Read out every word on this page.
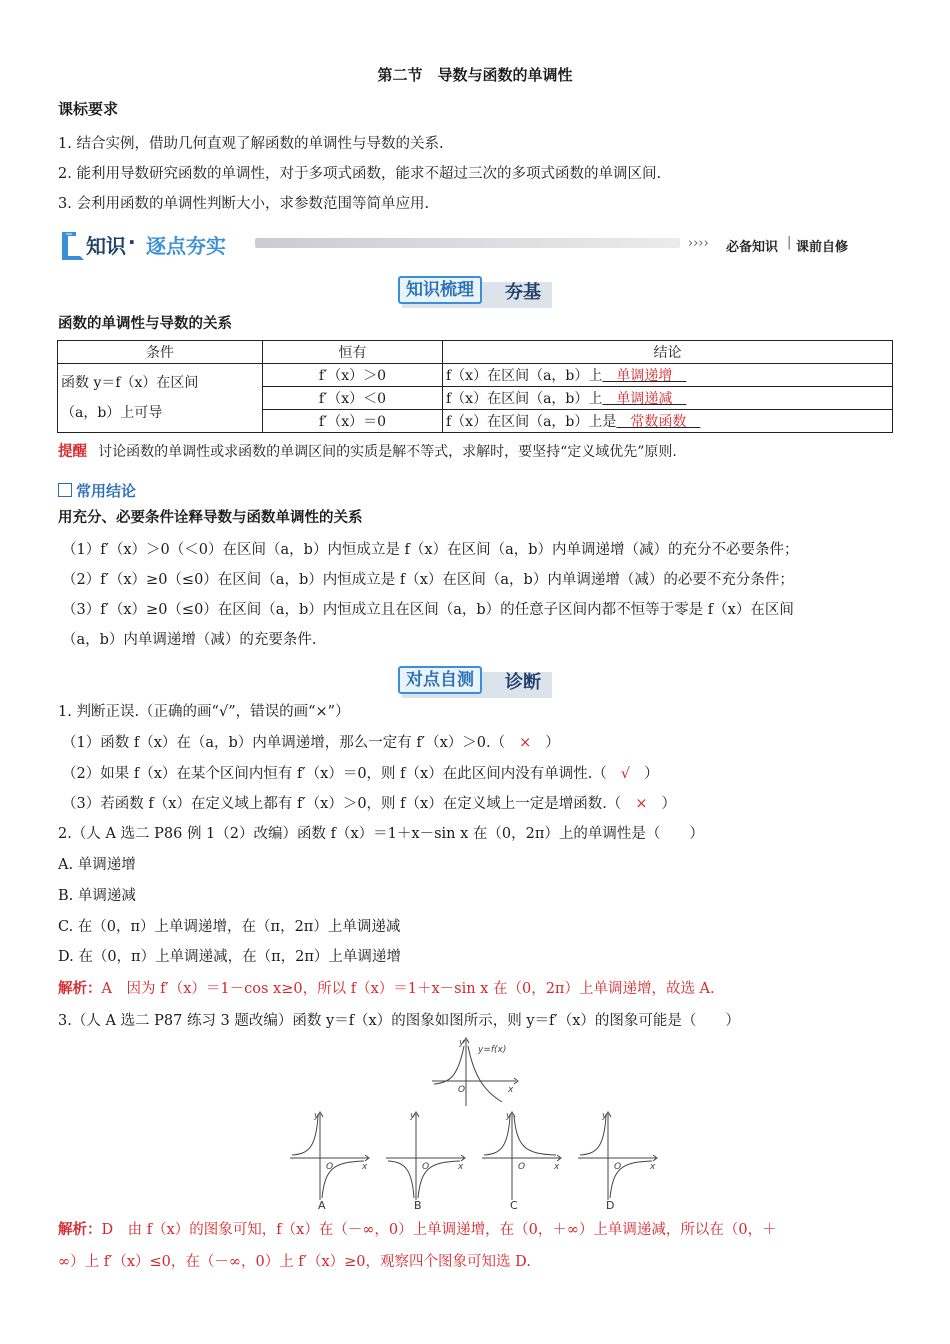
第二节　导数与函数的单调性
课标要求
1. 结合实例，借助几何直观了解函数的单调性与导数的关系.
2. 能利用导数研究函数的单调性，对于多项式函数，能求不超过三次的多项式函数的单调区间.
3. 会利用函数的单调性判断大小，求参数范围等简单应用.
知识 · 逐点夯实	›››› 必备知识 | 课前自修
知识梳理	夯基
函数的单调性与导数的关系
条件	恒有	结论
函数 y＝f（x）在区间
（a，b）上可导	f′（x）＞0	f（x）在区间（a，b）上　单调递增　
	f′（x）＜0	f（x）在区间（a，b）上　单调递减　
	f′（x）＝0	f（x）在区间（a，b）上是　常数函数　
提醒 讨论函数的单调性或求函数的单调区间的实质是解不等式，求解时，要坚持“定义域优先”原则.
常用结论
用充分、必要条件诠释导数与函数单调性的关系
（1）f′（x）＞0（＜0）在区间（a，b）内恒成立是 f（x）在区间（a，b）内单调递增（减）的充分不必要条件；
（2）f′（x）≥0（≤0）在区间（a，b）内恒成立是 f（x）在区间（a，b）内单调递增（减）的必要不充分条件；
（3）f′（x）≥0（≤0）在区间（a，b）内恒成立且在区间（a，b）的任意子区间内都不恒等于零是 f（x）在区间
（a，b）内单调递增（减）的充要条件.
对点自测	诊断
1. 判断正误.（正确的画“√”，错误的画“×”）
（1）函数 f（x）在（a，b）内单调递增，那么一定有 f′（x）＞0.（ × ）
（2）如果 f（x）在某个区间内恒有 f′（x）＝0，则 f（x）在此区间内没有单调性.（ √ ）
（3）若函数 f（x）在定义域上都有 f′（x）＞0，则 f（x）在定义域上一定是增函数.（ × ）
2.（人 A 选二 P86 例 1（2）改编）函数 f（x）＝1＋x－sin x 在（0，2π）上的单调性是（　　）
A. 单调递增
B. 单调递减
C. 在（0，π）上单调递增，在（π，2π）上单调递减
D. 在（0，π）上单调递减，在（π，2π）上单调递增
解析：A　因为 f′（x）＝1－cos x≥0，所以 f（x）＝1＋x－sin x 在（0，2π）上单调递增，故选 A.
3.（人 A 选二 P87 练习 3 题改编）函数 y＝f（x）的图象如图所示，则 y＝f′（x）的图象可能是（　　）
y
x
O
y=f(x)
y
x
O
A
y
x
O
B
y
x
O
C
y
x
O
D
解析：D　由 f（x）的图象可知，f（x）在（－∞，0）上单调递增，在（0，＋∞）上单调递减，所以在（0，＋
∞）上 f′（x）≤0，在（－∞，0）上 f′（x）≥0，观察四个图象可知选 D.
